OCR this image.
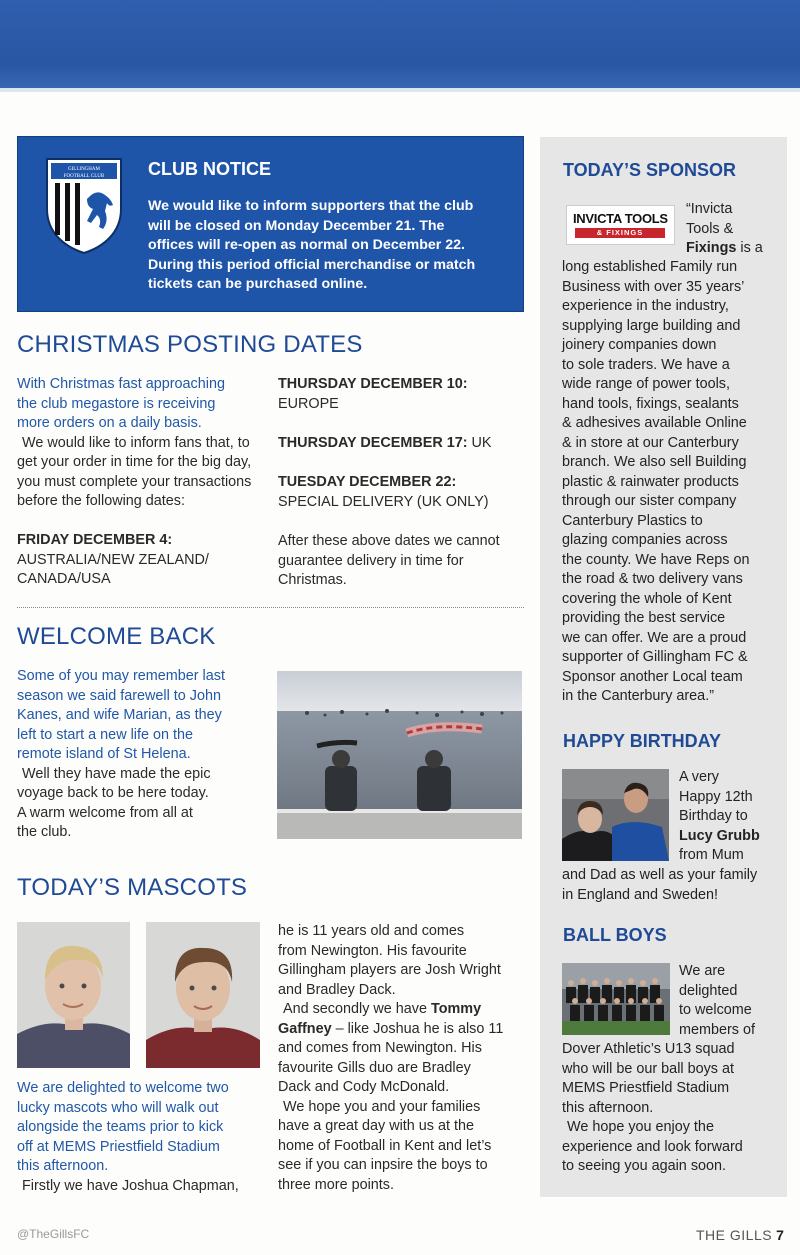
GILLINGHAM
FOOTBALL CLUB CLUB NOTICE
We would like to inform supporters that the club
will be closed on Monday December 21. The
offices will re-open as normal on December 22.
During this period official merchandise or match
tickets can be purchased online.
CHRISTMAS POSTING DATES
With Christmas fast approaching
the club megastore is receiving
more orders on a daily basis.
We would like to inform fans that, to
get your order in time for the big day,
you must complete your transactions
before the following dates:
FRIDAY DECEMBER 4:
AUSTRALIA/NEW ZEALAND/
CANADA/USA
THURSDAY DECEMBER 10:
EUROPE
THURSDAY DECEMBER 17: UK
TUESDAY DECEMBER 22:
SPECIAL DELIVERY (UK ONLY)
After these above dates we cannot
guarantee delivery in time for
Christmas.
WELCOME BACK
Some of you may remember last
season we said farewell to John
Kanes, and wife Marian, as they
left to start a new life on the
remote island of St Helena.
Well they have made the epic
voyage back to be here today.
A warm welcome from all at
the club.
TODAY’S MASCOTS
We are delighted to welcome two
lucky mascots who will walk out
alongside the teams prior to kick
off at MEMS Priestfield Stadium
this afternoon.
Firstly we have Joshua Chapman,
he is 11 years old and comes
from Newington. His favourite
Gillingham players are Josh Wright
and Bradley Dack.
And secondly we have Tommy
Gaffney – like Joshua he is also 11
and comes from Newington. His
favourite Gills duo are Bradley
Dack and Cody McDonald.
We hope you and your families
have a great day with us at the
home of Football in Kent and let’s
see if you can inpsire the boys to
three more points.
TODAY’S SPONSOR
INVICTA TOOLS
& FIXINGS
“Invicta
Tools &
Fixings is a
long established Family run
Business with over 35 years’
experience in the industry,
supplying large building and
joinery companies down
to sole traders. We have a
wide range of power tools,
hand tools, fixings, sealants
& adhesives available Online
& in store at our Canterbury
branch. We also sell Building
plastic & rainwater products
through our sister company
Canterbury Plastics to
glazing companies across
the county. We have Reps on
the road & two delivery vans
covering the whole of Kent
providing the best service
we can offer. We are a proud
supporter of Gillingham FC &
Sponsor another Local team
in the Canterbury area.”
HAPPY BIRTHDAY
A very
Happy 12th
Birthday to
Lucy Grubb
from Mum
and Dad as well as your family
in England and Sweden!
BALL BOYS
We are
delighted
to welcome
members of
Dover Athletic’s U13 squad
who will be our ball boys at
MEMS Priestfield Stadium
this afternoon.
We hope you enjoy the
experience and look forward
to seeing you again soon.
@TheGillsFC	THE GILLS 7
